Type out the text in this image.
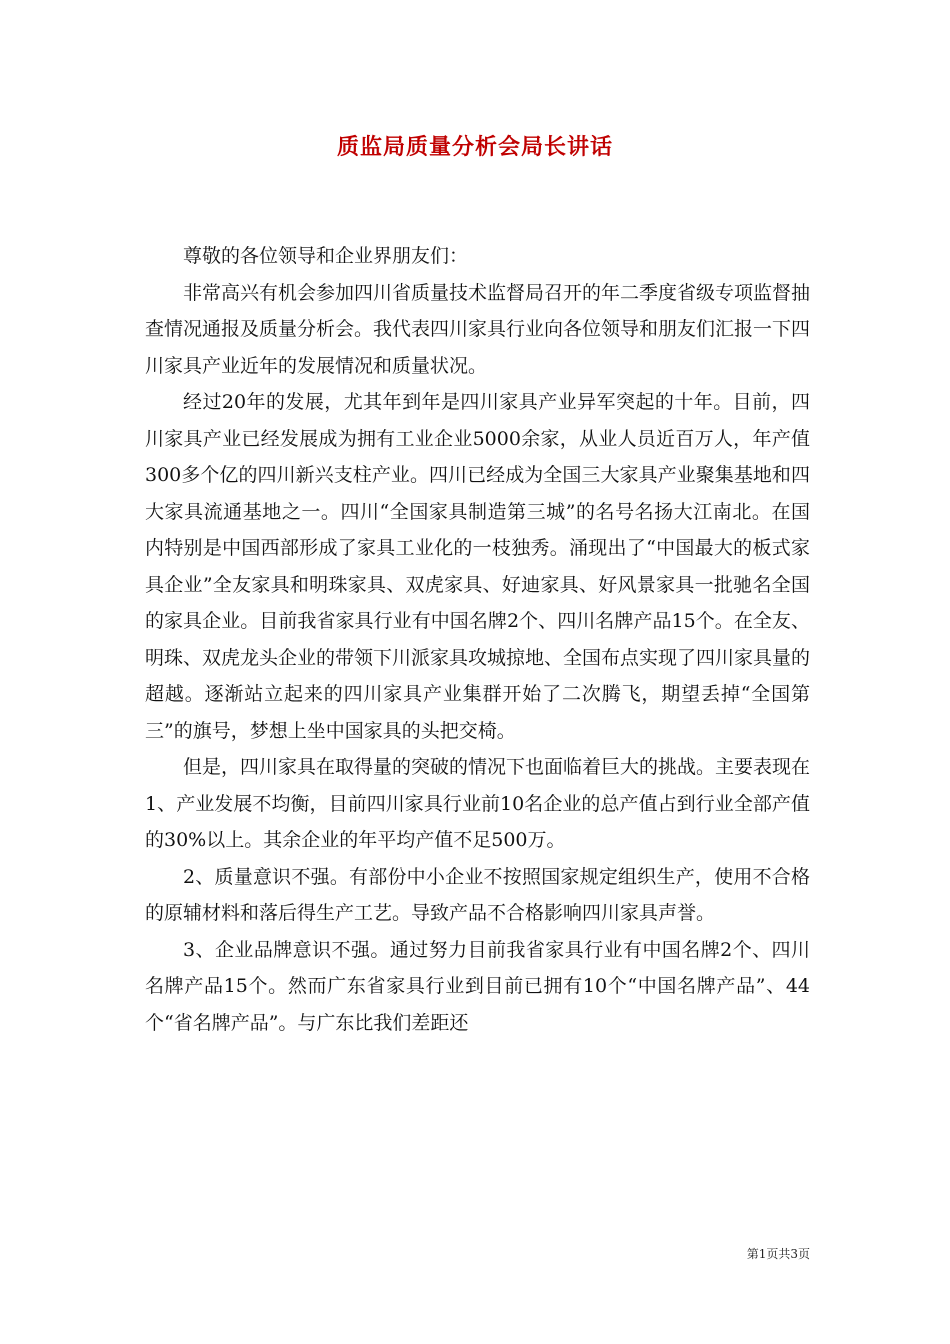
质监局质量分析会局长讲话

尊敬的各位领导和企业界朋友们：

非常高兴有机会参加四川省质量技术监督局召开的年二季度省级专项监督抽查情况通报及质量分析会。我代表四川家具行业向各位领导和朋友们汇报一下四川家具产业近年的发展情况和质量状况。

经过20年的发展，尤其年到年是四川家具产业异军突起的十年。目前，四川家具产业已经发展成为拥有工业企业5000余家，从业人员近百万人，年产值300多个亿的四川新兴支柱产业。四川已经成为全国三大家具产业聚集基地和四大家具流通基地之一。四川“全国家具制造第三城”的名号名扬大江南北。在国内特别是中国西部形成了家具工业化的一枝独秀。涌现出了“中国最大的板式家具企业”全友家具和明珠家具、双虎家具、好迪家具、好风景家具一批驰名全国的家具企业。目前我省家具行业有中国名牌2个、四川名牌产品15个。在全友、明珠、双虎龙头企业的带领下川派家具攻城掠地、全国布点实现了四川家具量的超越。逐渐站立起来的四川家具产业集群开始了二次腾飞，期望丢掉“全国第三”的旗号，梦想上坐中国家具的头把交椅。

但是，四川家具在取得量的突破的情况下也面临着巨大的挑战。主要表现在1、产业发展不均衡，目前四川家具行业前10名企业的总产值占到行业全部产值的30%以上。其余企业的年平均产值不足500万。

2、质量意识不强。有部份中小企业不按照国家规定组织生产，使用不合格的原辅材料和落后得生产工艺。导致产品不合格影响四川家具声誉。

3、企业品牌意识不强。通过努力目前我省家具行业有中国名牌2个、四川名牌产品15个。然而广东省家具行业到目前已拥有10个“中国名牌产品”、44个“省名牌产品”。与广东比我们差距还

第1页共3页
